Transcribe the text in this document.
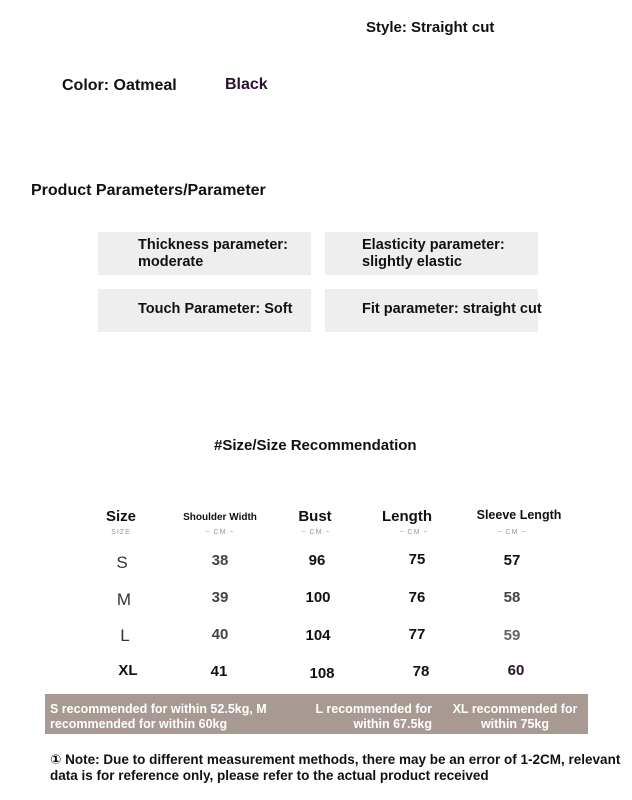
Style: Straight cut
Color: Oatmeal	Black
Product Parameters/Parameter
Thickness parameter:
moderate
Elasticity parameter:
slightly elastic
Touch Parameter: Soft	Fit parameter: straight cut
#Size/Size Recommendation
Size	Shoulder Width	Bust	Length	Sleeve Length
SIZE	~ CM ~	~ CM ~	~ CM ~	~ CM ~
S	38	96	75	57
M	39	100	76	58
L	40	104	77	59
XL	41	108	78	60
S recommended for within 52.5kg, M recommended for within 60kg
L recommended for within 67.5kg
XL recommended for within 75kg
① Note: Due to different measurement methods, there may be an error of 1-2CM, relevant data is for reference only, please refer to the actual product received
